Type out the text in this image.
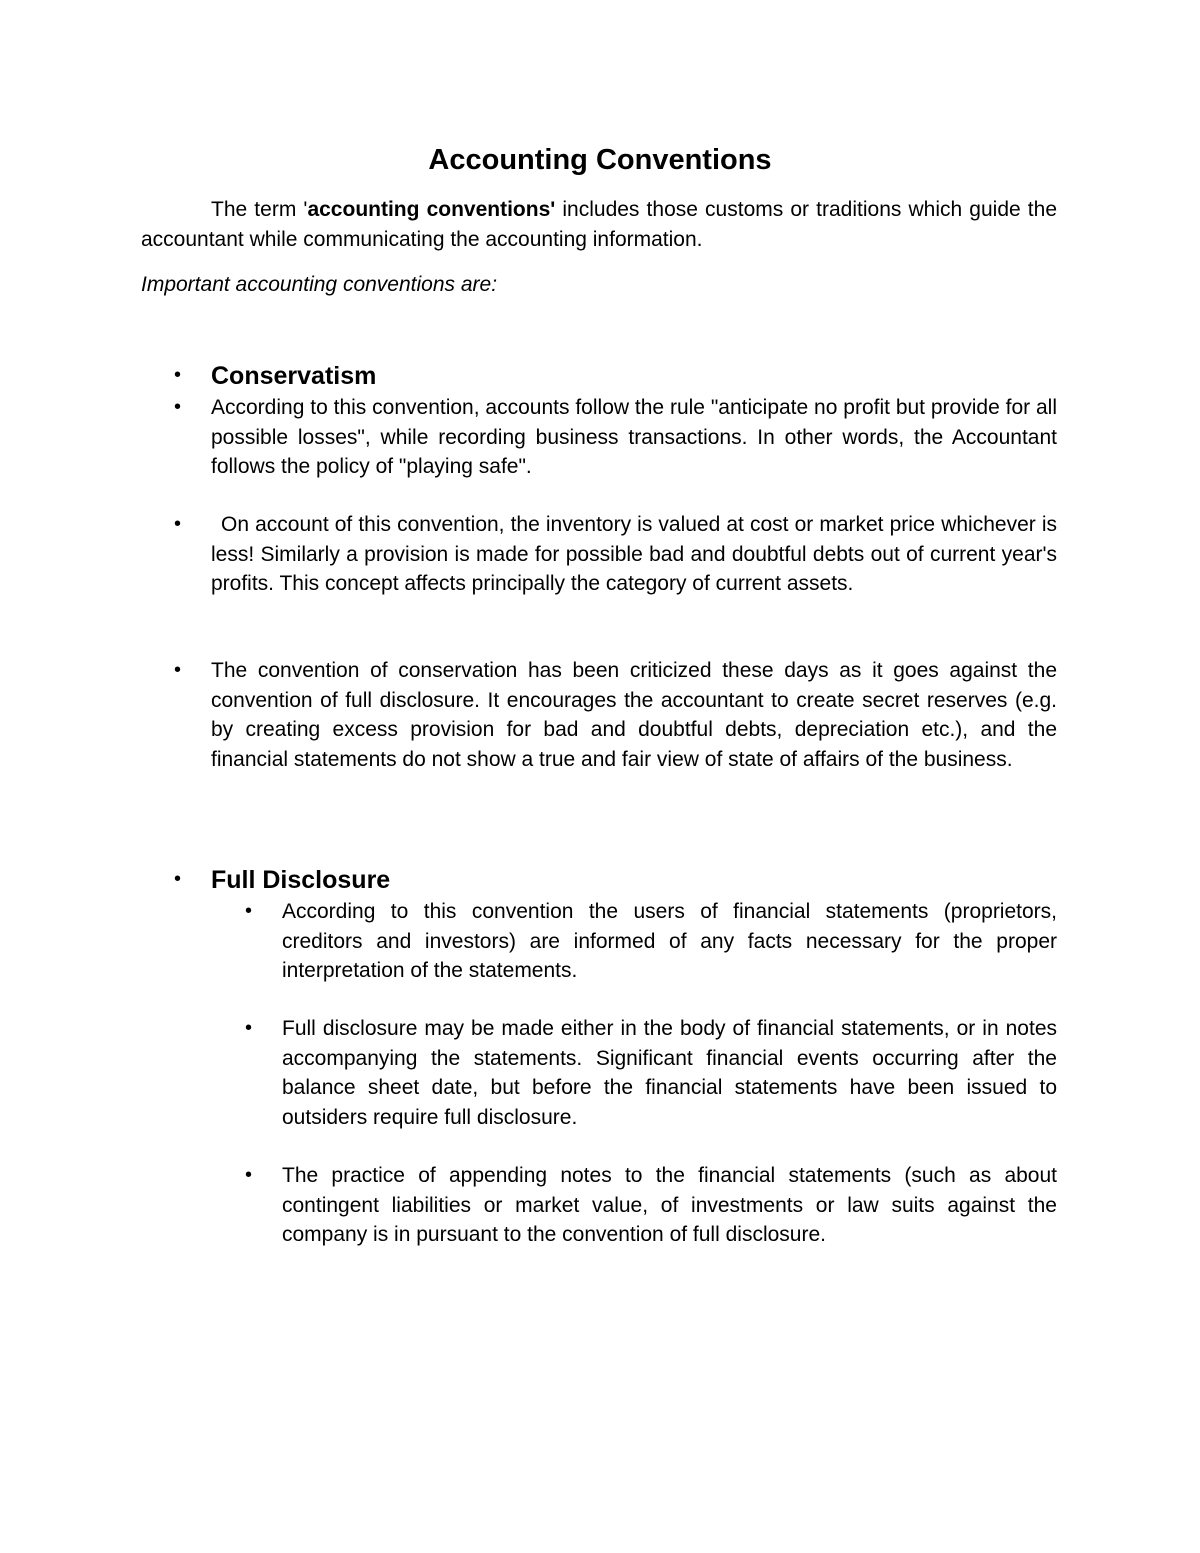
Accounting Conventions
The term 'accounting conventions' includes those customs or traditions which guide the accountant while communicating the accounting information.
Important accounting conventions are:
• Conservatism
• According to this convention, accounts follow the rule "anticipate no profit but provide for all possible losses", while recording business transactions. In other words, the Accountant follows the policy of "playing safe".
• On account of this convention, the inventory is valued at cost or market price whichever is less! Similarly a provision is made for possible bad and doubtful debts out of current year's profits. This concept affects principally the category of current assets.
• The convention of conservation has been criticized these days as it goes against the convention of full disclosure. It encourages the accountant to create secret reserves (e.g. by creating excess provision for bad and doubtful debts, depreciation etc.), and the financial statements do not show a true and fair view of state of affairs of the business.
• Full Disclosure
• According to this convention the users of financial statements (proprietors, creditors and investors) are informed of any facts necessary for the proper interpretation of the statements.
• Full disclosure may be made either in the body of financial statements, or in notes accompanying the statements. Significant financial events occurring after the balance sheet date, but before the financial statements have been issued to outsiders require full disclosure.
• The practice of appending notes to the financial statements (such as about contingent liabilities or market value, of investments or law suits against the company is in pursuant to the convention of full disclosure.
